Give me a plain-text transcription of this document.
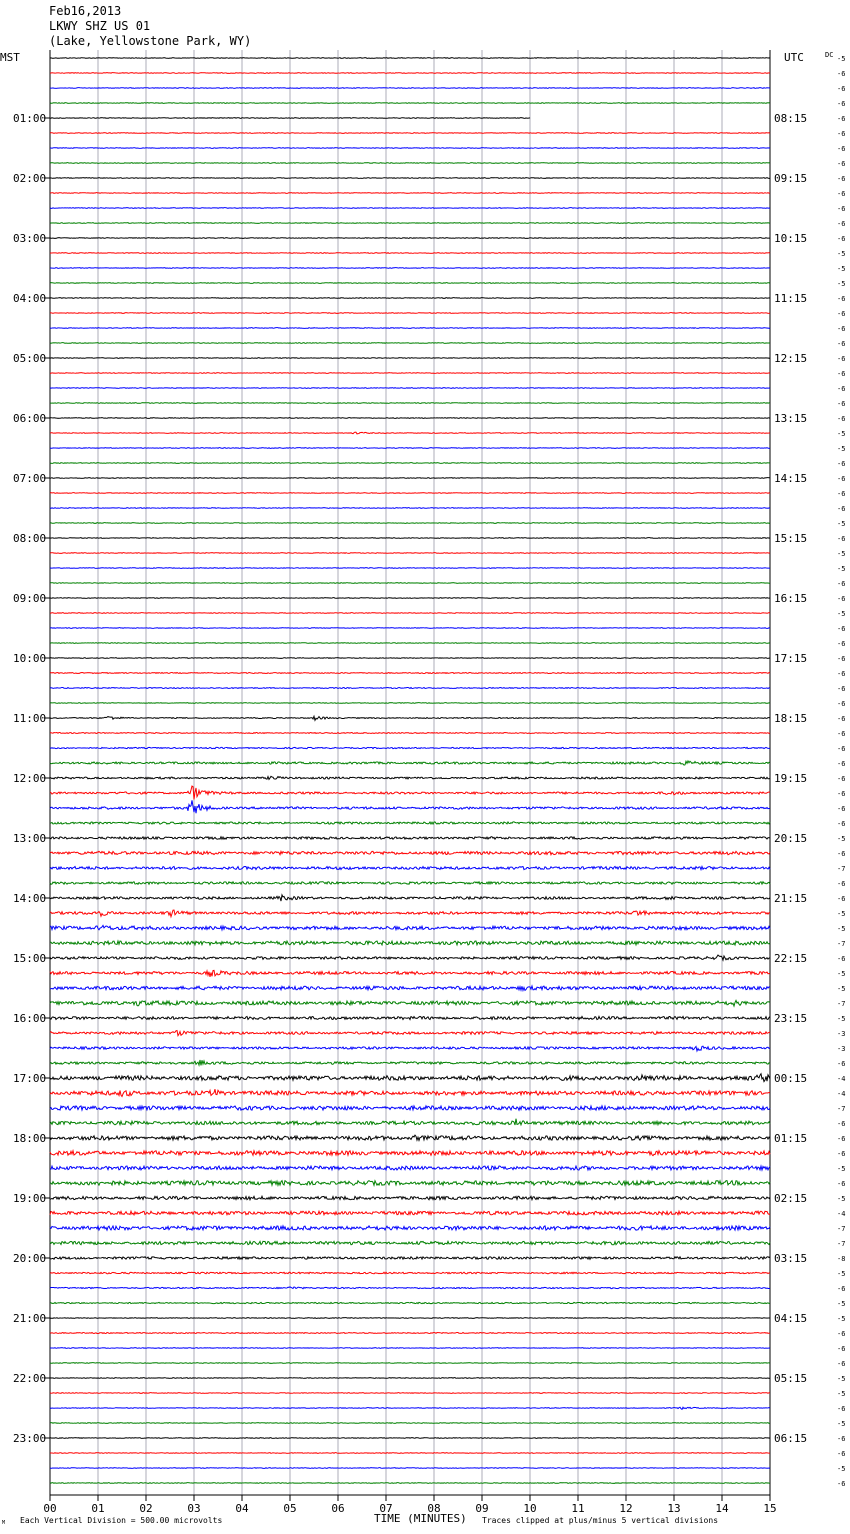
Feb16,2013
LKWY SHZ US 01
(Lake, Yellowstone Park, WY)
MST	UTC	DC
00	01	02	03	04	05	06	07	08	09	10	11	12	13	14	15
01:00
02:00
03:00
04:00
05:00
06:00
07:00
08:00
09:00
10:00
11:00
12:00
13:00
14:00
15:00
16:00
17:00
18:00
19:00
20:00
21:00
22:00
23:00
08:15
09:15
10:15
11:15
12:15
13:15
14:15
15:15
16:15
17:15
18:15
19:15
20:15
21:15
22:15
23:15
00:15
01:15
02:15
03:15
04:15
05:15
06:15
-5
-6
-6
-6
-6
-6
-6
-6
-6
-6
-6
-6
-6
-5
-5
-5
-6
-6
-6
-6
-6
-6
-6
-6
-6
-5
-5
-6
-6
-6
-6
-5
-6
-5
-5
-6
-6
-5
-6
-6
-6
-6
-6
-6
-6
-6
-6
-6
-6
-6
-6
-6
-5
-6
-7
-6
-6
-5
-5
-7
-6
-5
-5
-7
-5
-3
-3
-6
-4
-4
-7
-6
-6
-6
-5
-6
-5
-4
-7
-7
-8
-5
-6
-5
-5
-6
-6
-6
-5
-5
-6
-5
-6
-6
-5
-6
M Each Vertical Division = 500.00 microvolts	TIME (MINUTES) Traces clipped at plus/minus 5 vertical divisions
